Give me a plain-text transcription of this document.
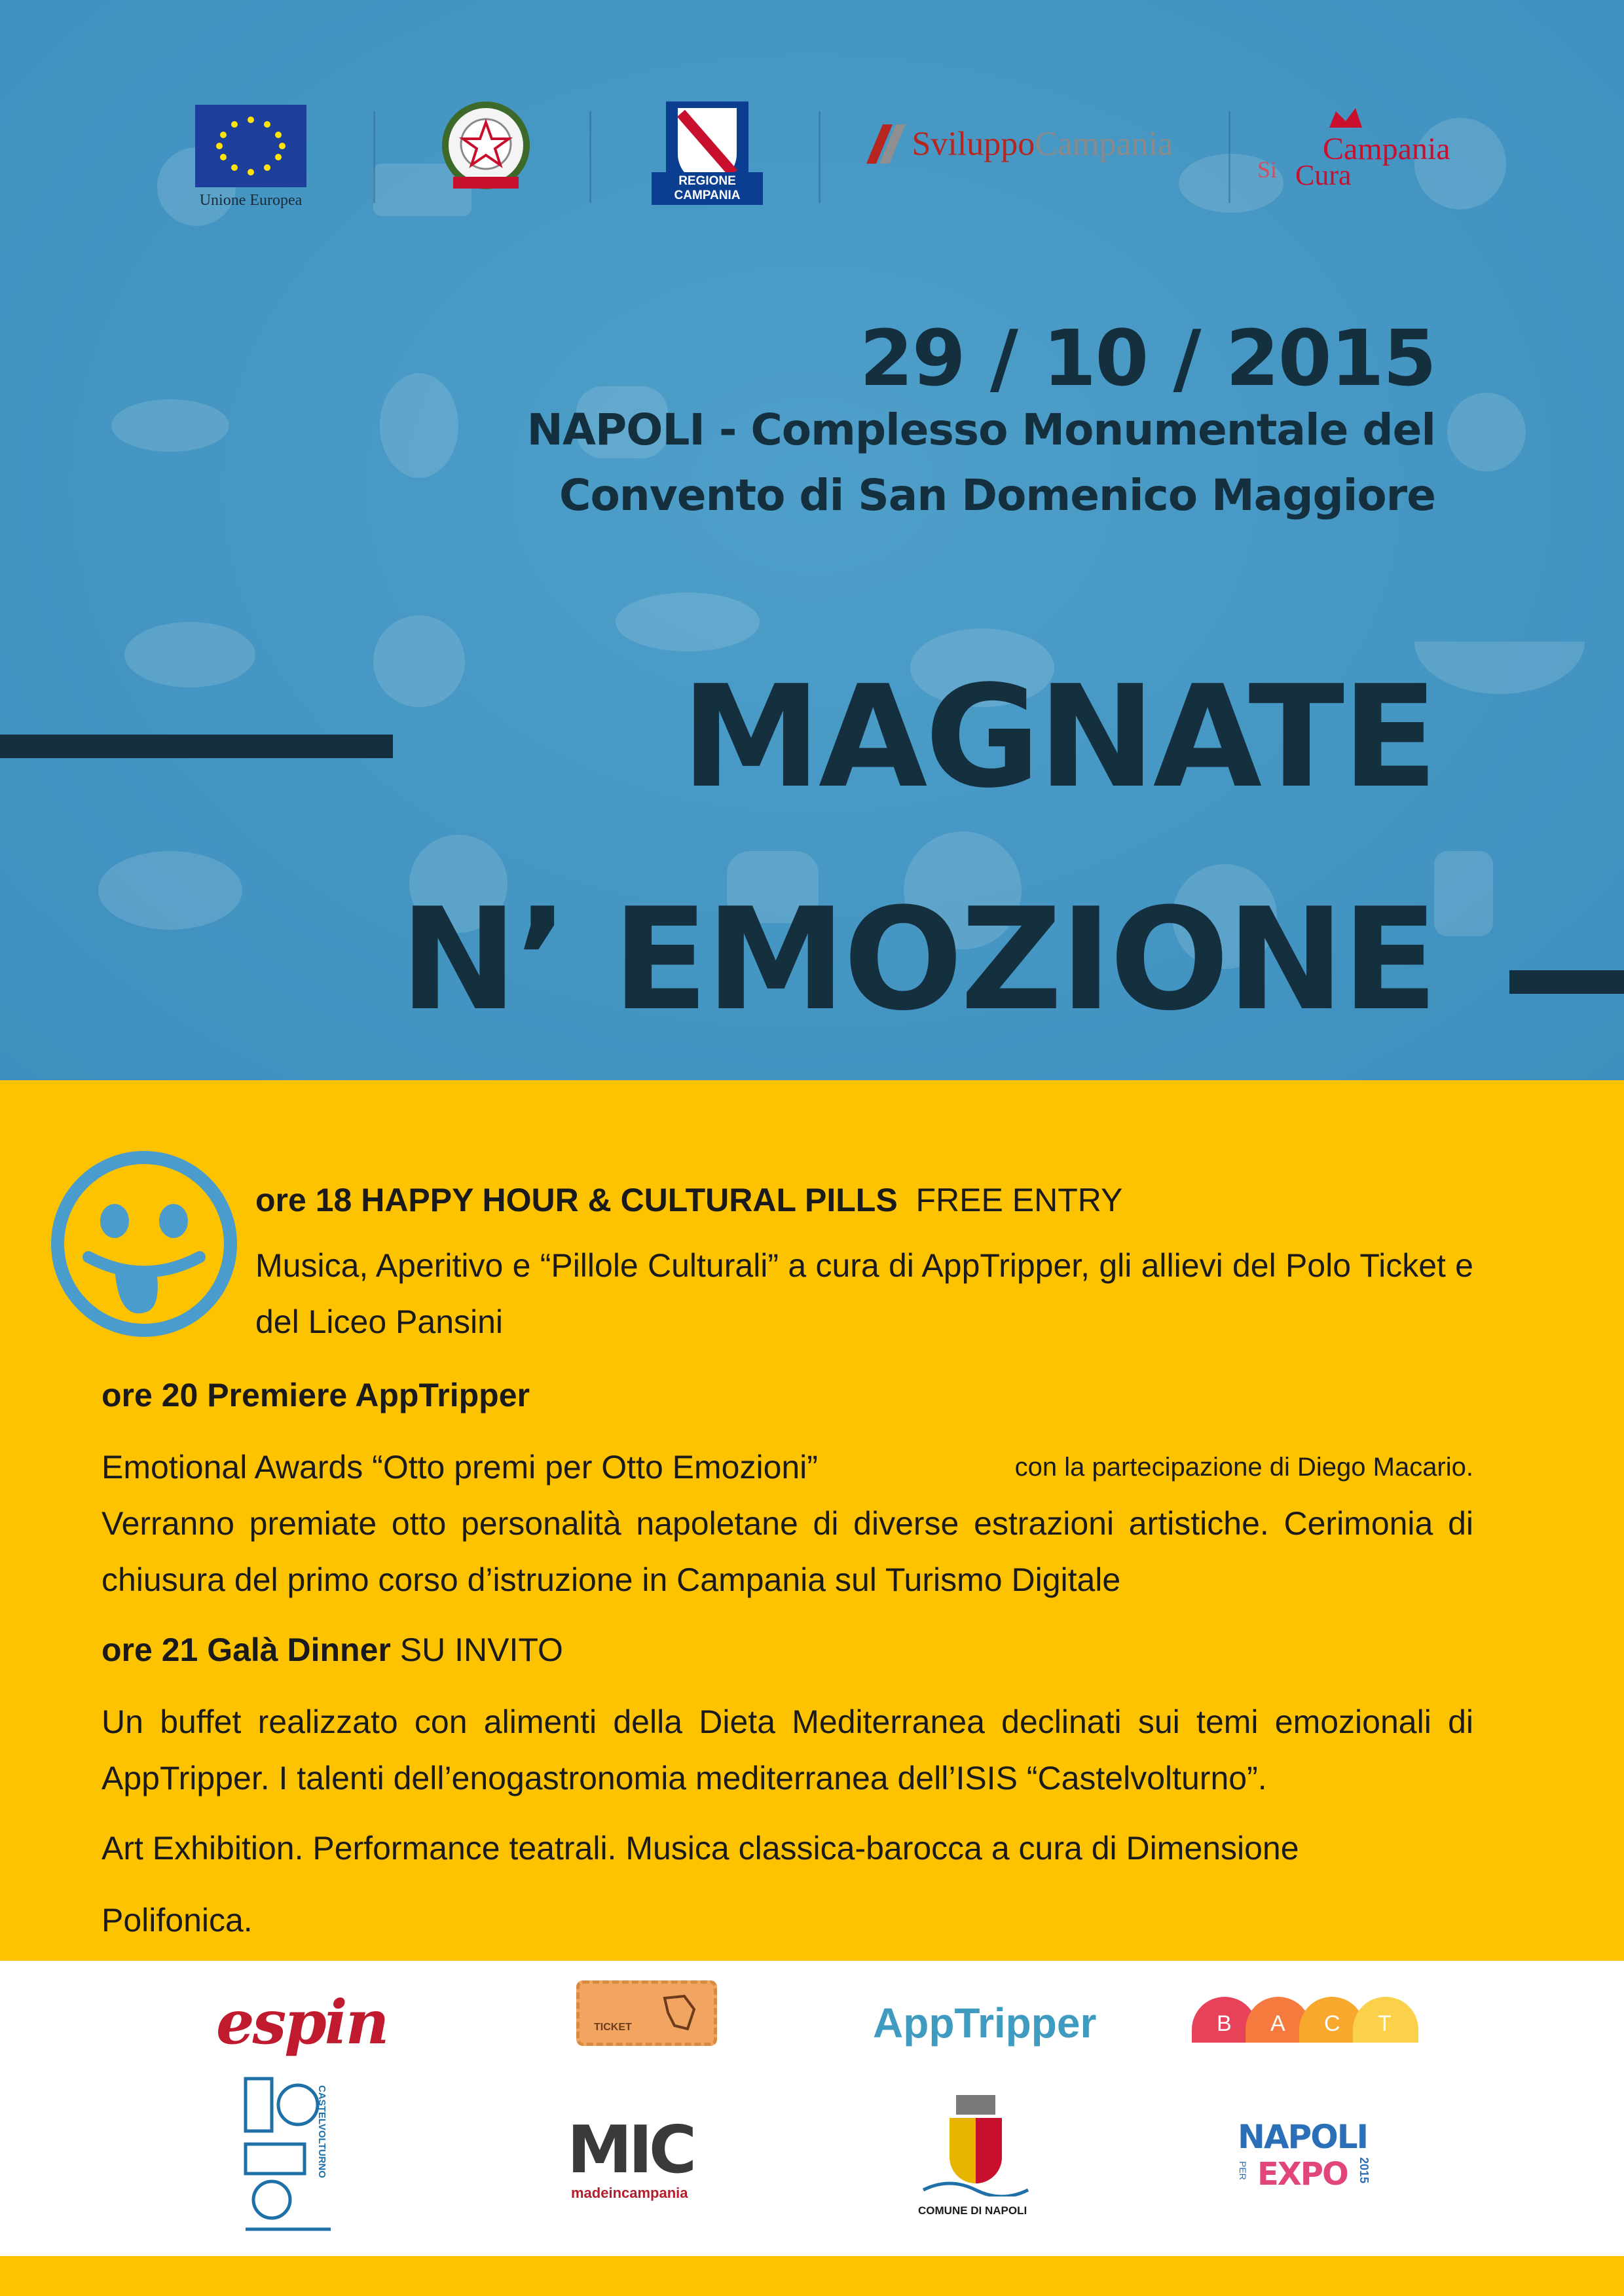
Unione Europea
REGIONE CAMPANIA
SviluppoCampania
Si
Campania
Cura
29 / 10 / 2015
NAPOLI - Complesso Monumentale del
Convento di San Domenico Maggiore
MAGNATE
N’ EMOZIONE
ore 18 HAPPY HOUR & CULTURAL PILLS FREE ENTRY
Musica, Aperitivo e “Pillole Culturali” a cura di AppTripper, gli allievi del Polo Ticket e del Liceo Pansini
ore 20 Premiere AppTripper
Emotional Awards “Otto premi per Otto Emozioni”	con la partecipazione di Diego Macario.
Verranno premiate otto personalità napoletane di diverse estrazioni artistiche. Cerimonia di chiusura del primo corso d’istruzione in Campania sul Turismo Digitale
ore 21 Galà Dinner SU INVITO
Un buffet realizzato con alimenti della Dieta Mediterranea declinati sui temi emozionali di AppTripper. I talenti dell’enogastronomia mediterranea dell’ISIS “Castelvolturno”.
Art Exhibition. Performance teatrali. Musica classica-barocca a cura di Dimensione
Polifonica.
espin	TICKET	AppTripper	B A C T
CASTELVOLTURNO	MIC
madeincampania
COMUNE DI NAPOLI
NAPOLI
PER EXPO 2015
